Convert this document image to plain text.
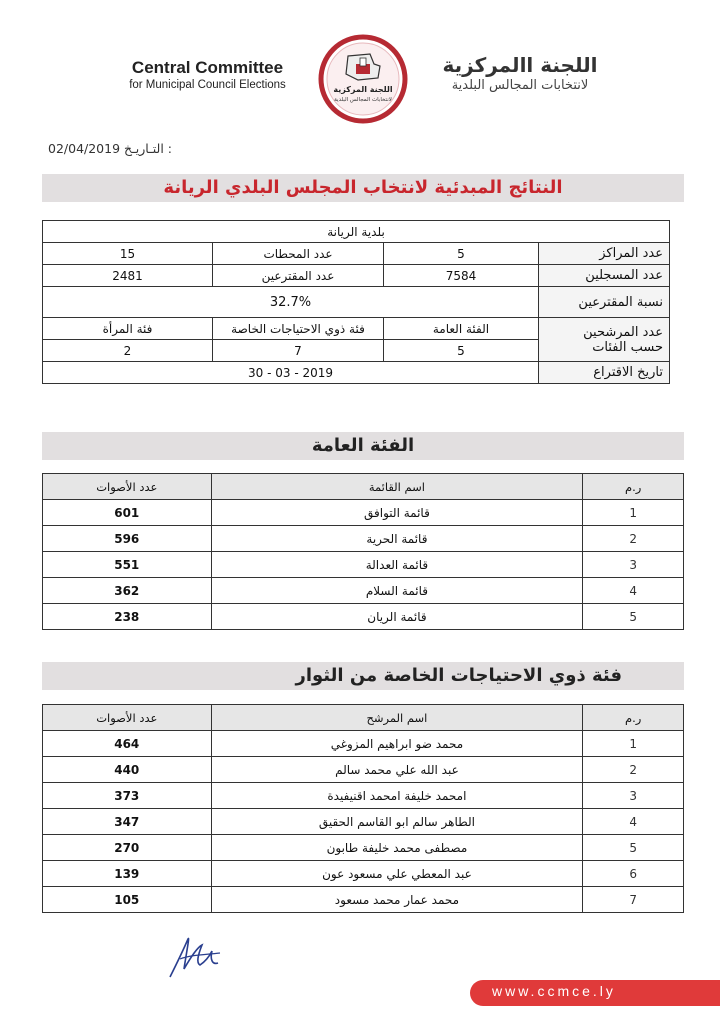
Central Committee
for Municipal Council Elections	اللجنة المركزية
لانتخابات المجالس البلدية
اللجنة االمركزية
لانتخابات المجالس البلدية
02/04/2019 التـاريـخ :
النتائج المبدئية لانتخاب المجلس البلدي الريانة
بلدية الريانة			
عدد المراكز	5	عدد المحطات	15
عدد المسجلين	7584	عدد المقترعين	2481
نسبة المقترعين	32.7%		

عدد المرشحين
حسب الفئات	الفئة العامة	فئة ذوي الاحتياجات الخاصة	فئة المرأة
	5	7	2
تاريخ الاقتراع	2019 - 03 - 30		
الفئة العامة
ر.م	اسم القائمة	عدد الأصوات
1	قائمة التوافق	601
2	قائمة الحرية	596
3	قائمة العدالة	551
4	قائمة السلام	362
5	قائمة الريان	238
فئة ذوي الاحتياجات الخاصة من الثوار
ر.م	اسم المرشح	عدد الأصوات
1	محمد ضو ابراهيم المزوغي	464
2	عبد الله علي محمد سالم	440
3	امحمد خليفة امحمد اقنيفيدة	373
4	الطاهر سالم ابو القاسم الحقيق	347
5	مصطفى محمد خليفة طابون	270
6	عبد المعطي علي مسعود عون	139
7	محمد عمار محمد مسعود	105
www.ccmce.ly
